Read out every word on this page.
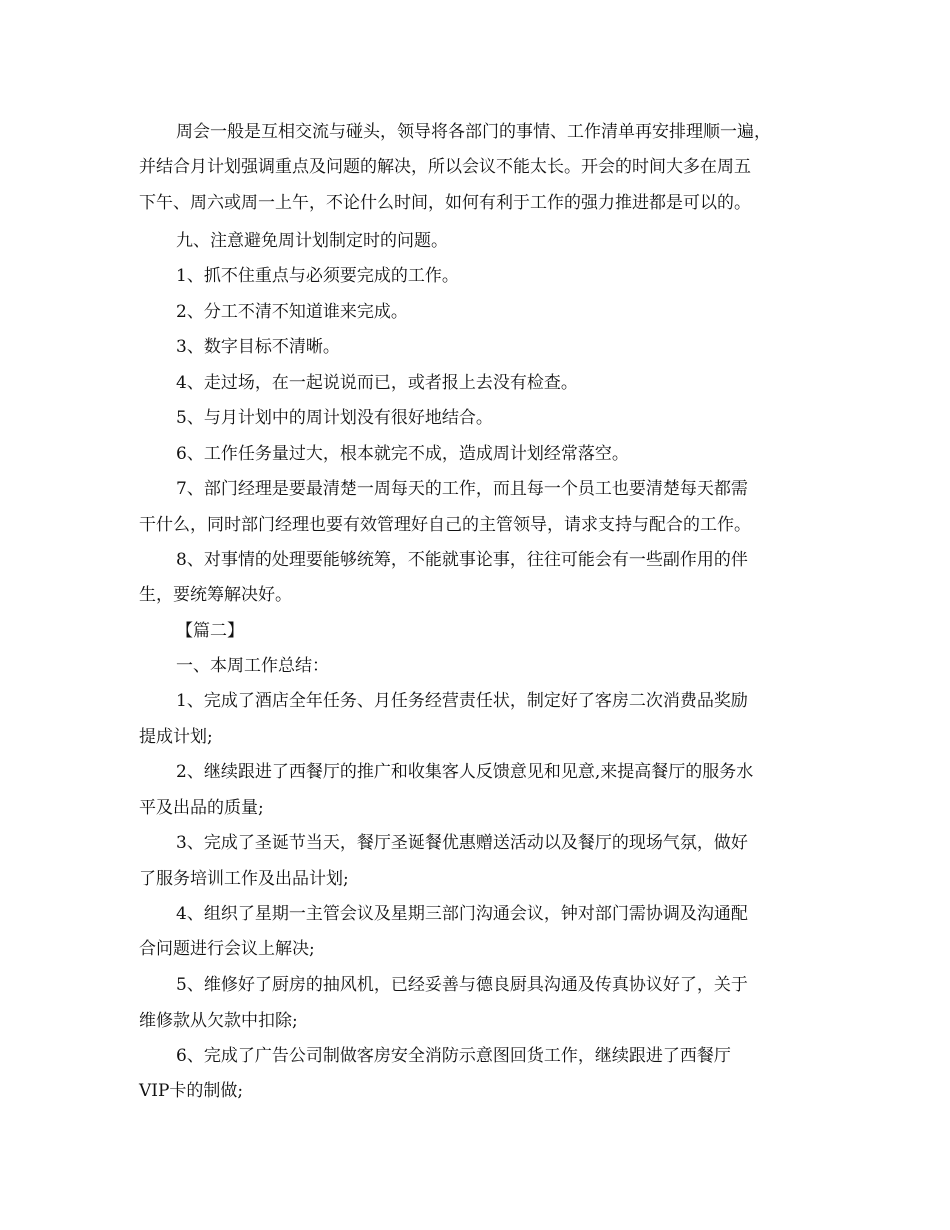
周会一般是互相交流与碰头，领导将各部门的事情、工作清单再安排理顺一遍，
并结合月计划强调重点及问题的解决，所以会议不能太长。开会的时间大多在周五
下午、周六或周一上午，不论什么时间，如何有利于工作的强力推进都是可以的。
九、注意避免周计划制定时的问题。
1、抓不住重点与必须要完成的工作。
2、分工不清不知道谁来完成。
3、数字目标不清晰。
4、走过场，在一起说说而已，或者报上去没有检查。
5、与月计划中的周计划没有很好地结合。
6、工作任务量过大，根本就完不成，造成周计划经常落空。
7、部门经理是要最清楚一周每天的工作，而且每一个员工也要清楚每天都需
干什么，同时部门经理也要有效管理好自己的主管领导，请求支持与配合的工作。
8、对事情的处理要能够统筹，不能就事论事，往往可能会有一些副作用的伴
生，要统筹解决好。
【篇二】
一、本周工作总结：
1、完成了酒店全年任务、月任务经营责任状，制定好了客房二次消费品奖励
提成计划;
2、继续跟进了西餐厅的推广和收集客人反馈意见和见意,来提高餐厅的服务水
平及出品的质量;
3、完成了圣诞节当天，餐厅圣诞餐优惠赠送活动以及餐厅的现场气氛，做好
了服务培训工作及出品计划;
4、组织了星期一主管会议及星期三部门沟通会议，钟对部门需协调及沟通配
合问题进行会议上解决;
5、维修好了厨房的抽风机，已经妥善与德良厨具沟通及传真协议好了，关于
维修款从欠款中扣除;
6、完成了广告公司制做客房安全消防示意图回货工作，继续跟进了西餐厅
VIP卡的制做;
